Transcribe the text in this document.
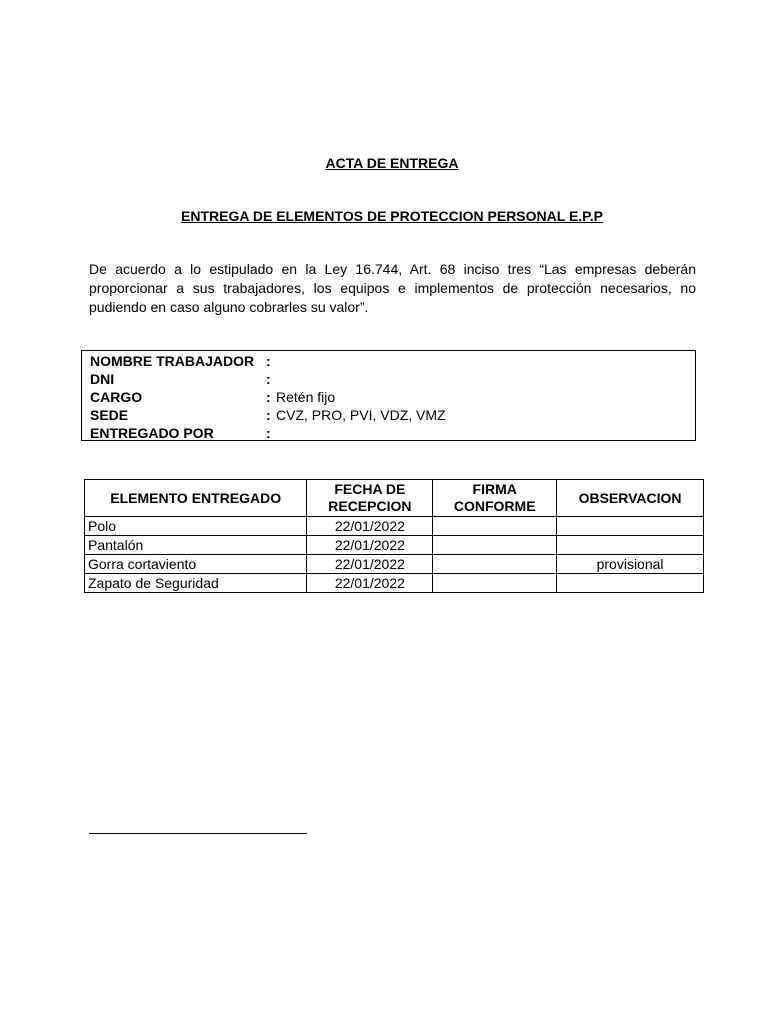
ACTA DE ENTREGA
ENTREGA DE ELEMENTOS DE PROTECCION PERSONAL E.P.P
De acuerdo a lo estipulado en la Ley 16.744, Art. 68 inciso tres “Las empresas deberán proporcionar a sus trabajadores, los equipos e implementos de protección necesarios, no pudiendo en caso alguno cobrarles su valor”.
NOMBRE TRABAJADOR :
DNI	:
CARGO	: Retén fijo
SEDE	: CVZ, PRO, PVI, VDZ, VMZ
ENTREGADO POR	:
ELEMENTO ENTREGADO	FECHA DE RECEPCION	FIRMA CONFORME	OBSERVACION
Polo	22/01/2022		
Pantalón	22/01/2022		
Gorra cortaviento	22/01/2022		provisional
Zapato de Seguridad	22/01/2022		
